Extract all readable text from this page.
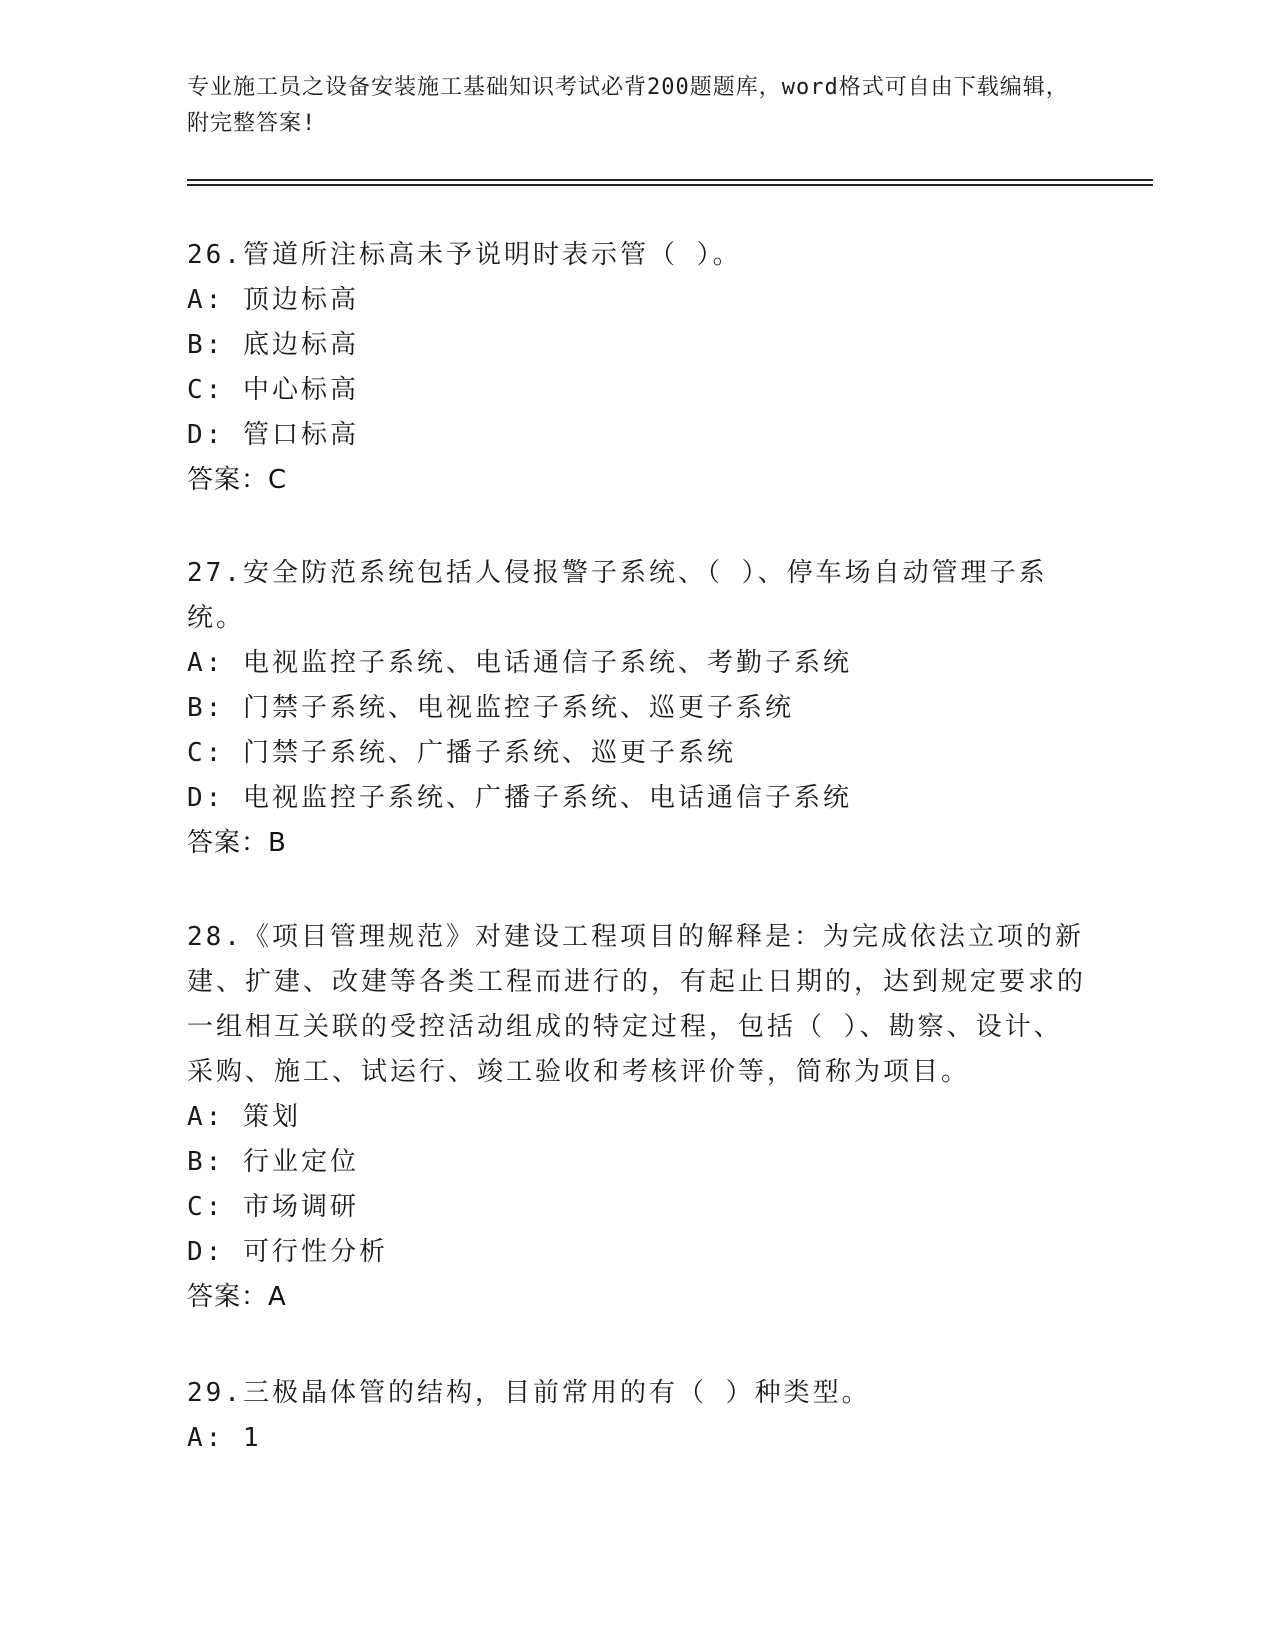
专业施工员之设备安装施工基础知识考试必背200题题库，word格式可自由下载编辑，附完整答案!

26.管道所注标高未予说明时表示管（ ）。

A: 顶边标高

B: 底边标高

C: 中心标高

D: 管口标高

答案：C

27.安全防范系统包括人侵报警子系统、（ ）、停车场自动管理子系统。

A: 电视监控子系统、电话通信子系统、考勤子系统

B: 门禁子系统、电视监控子系统、巡更子系统

C: 门禁子系统、广播子系统、巡更子系统

D: 电视监控子系统、广播子系统、电话通信子系统

答案：B

28.《项目管理规范》对建设工程项目的解释是：为完成依法立项的新建、扩建、改建等各类工程而进行的，有起止日期的，达到规定要求的一组相互关联的受控活动组成的特定过程，包括（ ）、勘察、设计、采购、施工、试运行、竣工验收和考核评价等，简称为项目。

A: 策划

B: 行业定位

C: 市场调研

D: 可行性分析

答案：A

29.三极晶体管的结构，目前常用的有（ ）种类型。

A: 1
